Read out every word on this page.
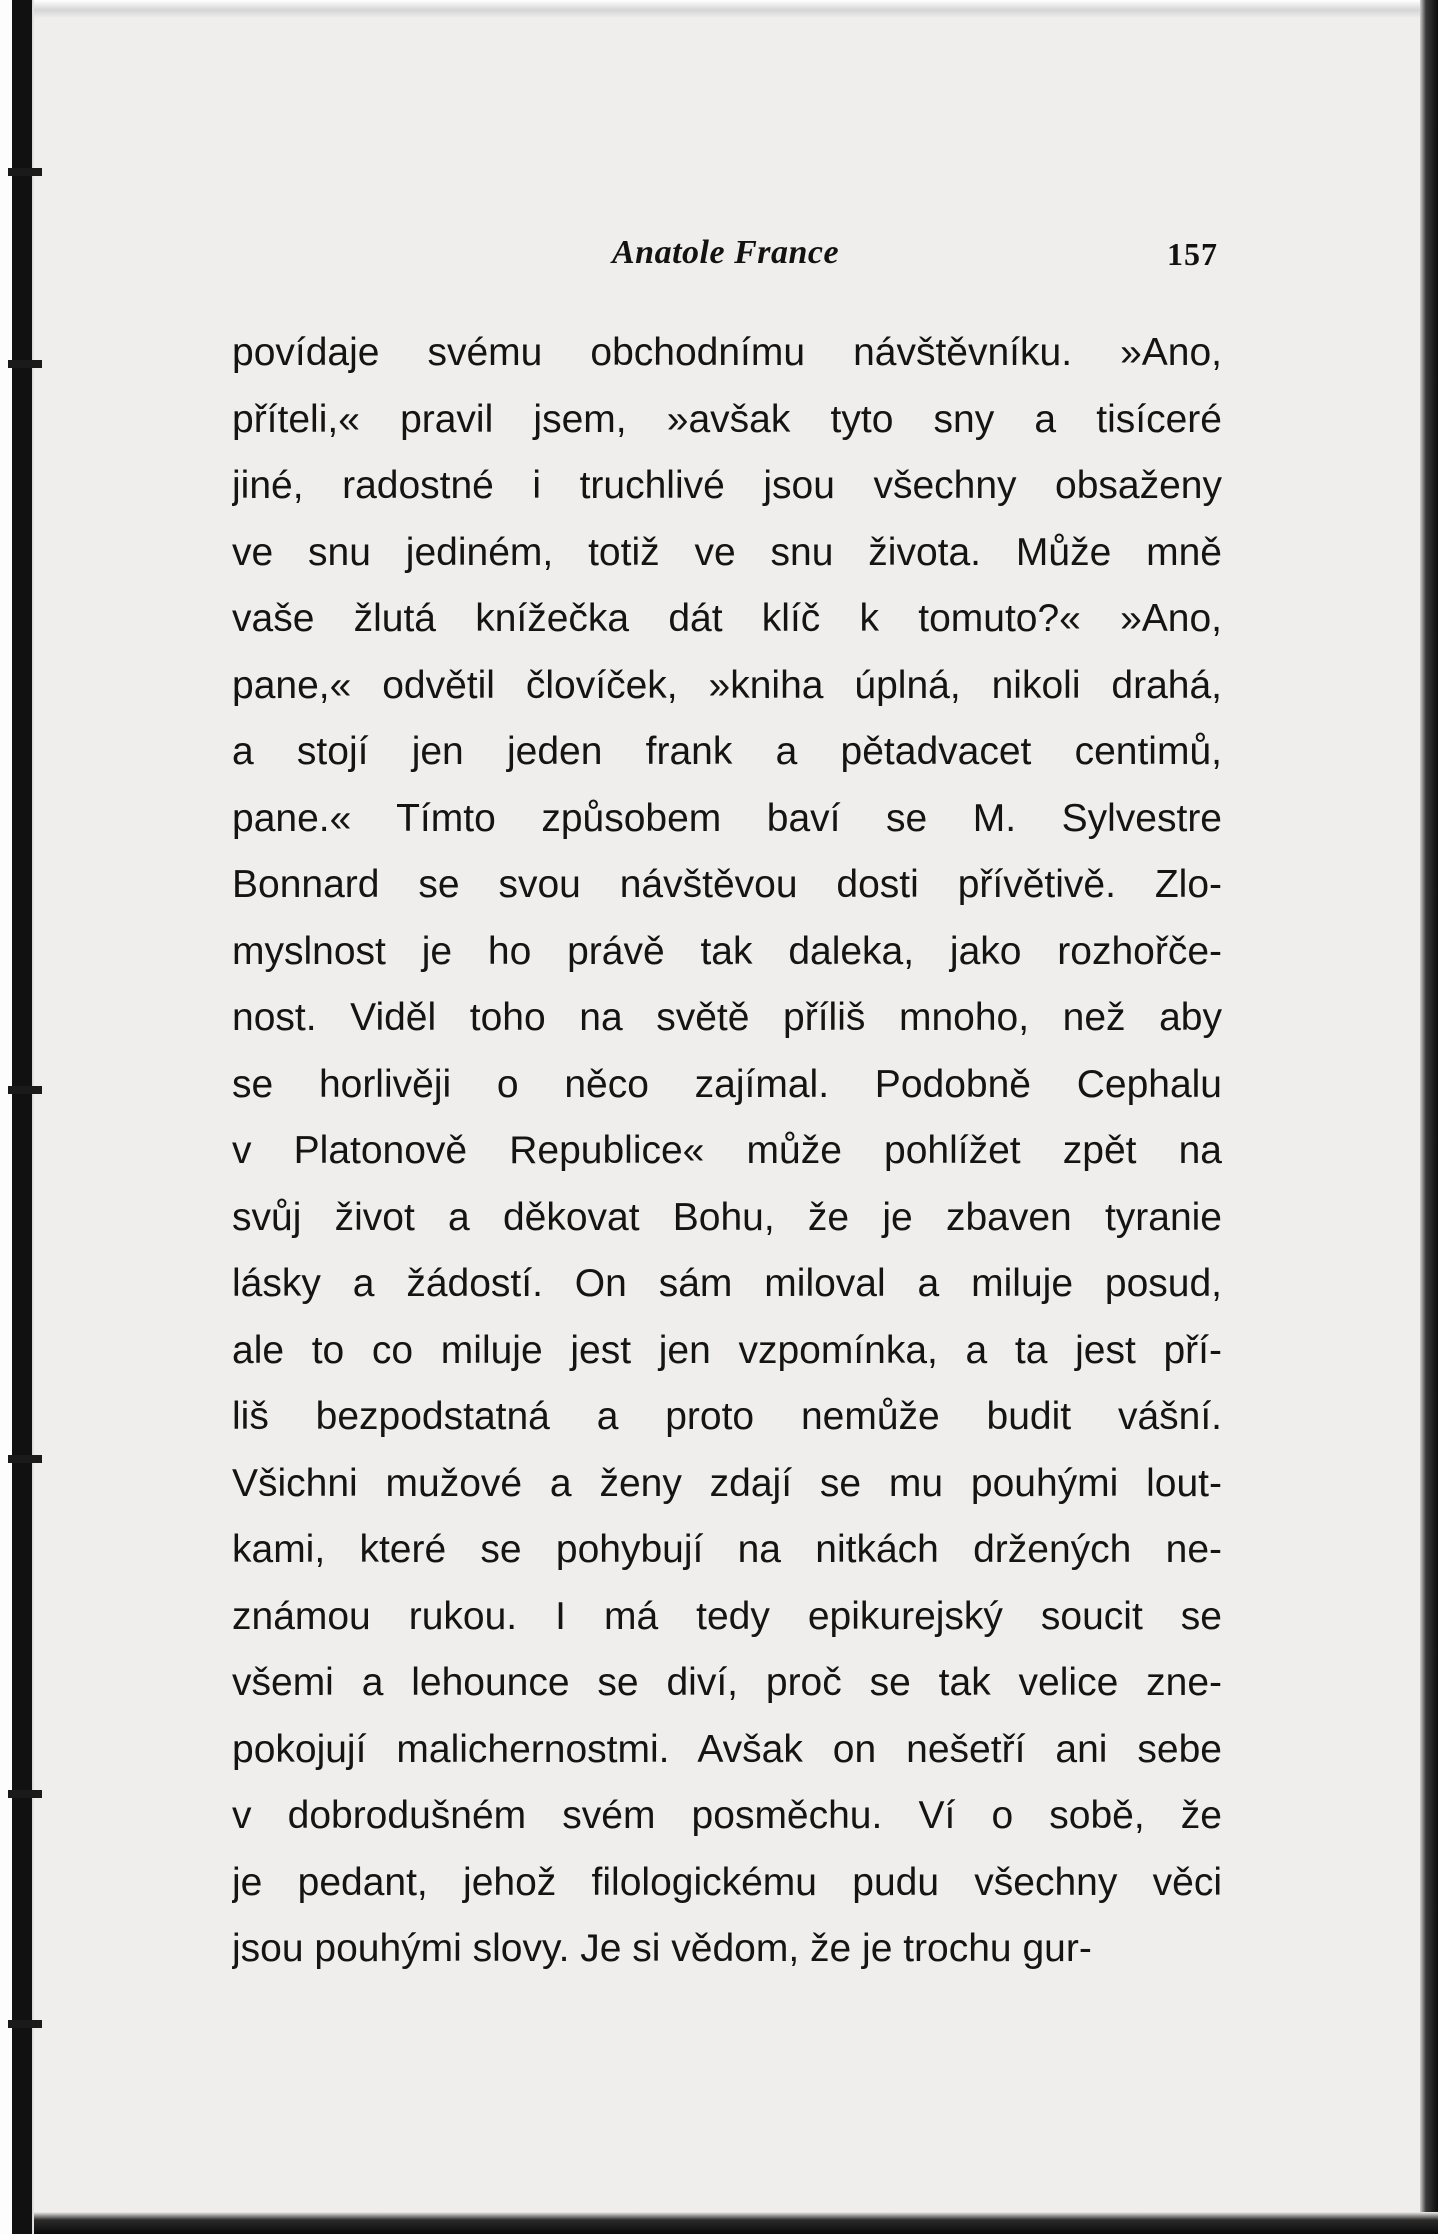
Anatole France	157
povídaje svému obchodnímu návštěvníku. »Ano,
příteli,« pravil jsem, »avšak tyto sny a tisíceré
jiné, radostné i truchlivé jsou všechny obsaženy
ve snu jediném, totiž ve snu života. Může mně
vaše žlutá knížečka dát klíč k tomuto?« »Ano,
pane,« odvětil človíček, »kniha úplná, nikoli drahá,
a stojí jen jeden frank a pětadvacet centimů,
pane.« Tímto způsobem baví se M. Sylvestre
Bonnard se svou návštěvou dosti přívětivě. Zlo-
myslnost je ho právě tak daleka, jako rozhořče-
nost. Viděl toho na světě příliš mnoho, než aby
se horlivěji o něco zajímal. Podobně Cephalu
v Platonově Republice« může pohlížet zpět na
svůj život a děkovat Bohu, že je zbaven tyranie
lásky a žádostí. On sám miloval a miluje posud,
ale to co miluje jest jen vzpomínka, a ta jest pří-
liš bezpodstatná a proto nemůže budit vášní.
Všichni mužové a ženy zdají se mu pouhými lout-
kami, které se pohybují na nitkách držených ne-
známou rukou. I má tedy epikurejský soucit se
všemi a lehounce se diví, proč se tak velice zne-
pokojují malichernostmi. Avšak on nešetří ani sebe
v dobrodušném svém posměchu. Ví o sobě, že
je pedant, jehož filologickému pudu všechny věci
jsou pouhými slovy. Je si vědom, že je trochu gur-
